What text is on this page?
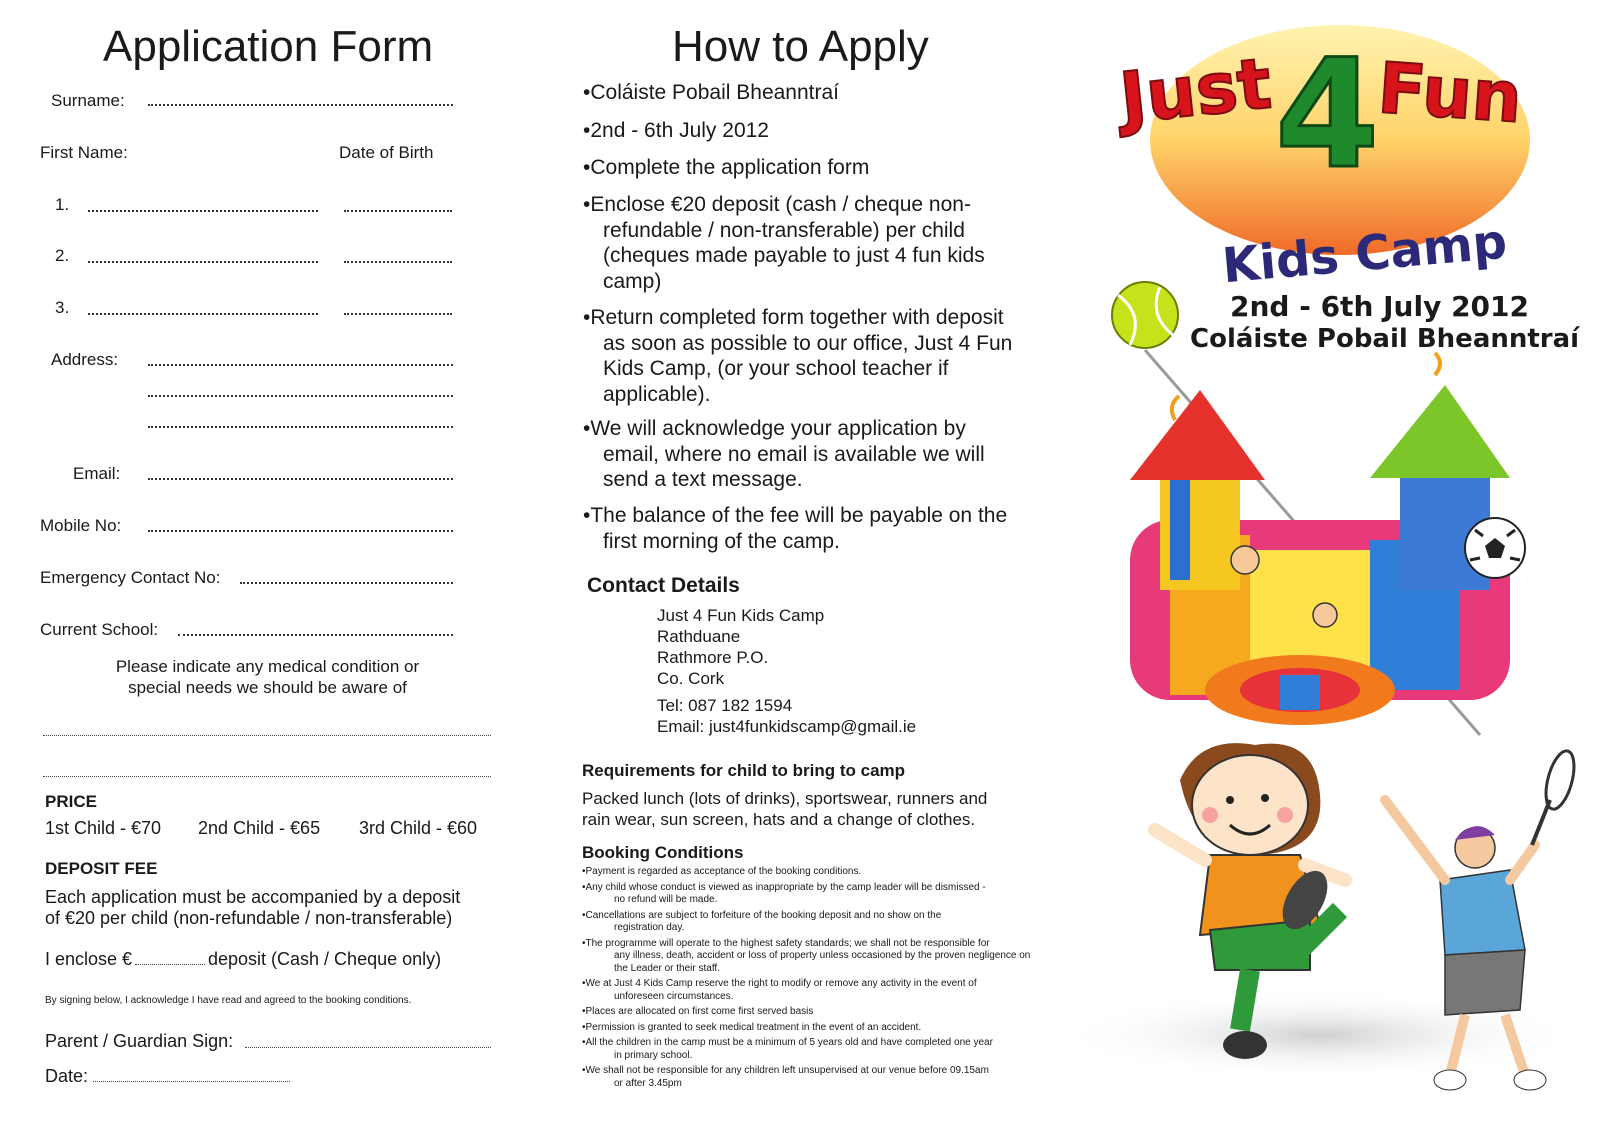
Application Form
Surname:
First Name:	Date of Birth
1.
2.
3.
Address:
Email:
Mobile No:
Emergency Contact No:
Current School:
Please indicate any medical condition or
special needs we should be aware of
PRICE
1st Child - €70 2nd Child - €65 3rd Child - €60
DEPOSIT FEE
Each application must be accompanied by a deposit
of €20 per child (non-refundable / non-transferable)
I enclose €	deposit (Cash / Cheque only)
By signing below, I acknowledge I have read and agreed to the booking conditions.
Parent / Guardian Sign:
Date:
How to Apply
•Coláiste Pobail Bheanntraí
•2nd - 6th July 2012
•Complete the application form
•Enclose €20 deposit (cash / cheque non-
refundable / non-transferable) per child (cheques made payable to just 4 fun kids camp)
•Return completed form together with deposit
as soon as possible to our office, Just 4 Fun Kids Camp, (or your school teacher if applicable).
•We will acknowledge your application by
email, where no email is available we will send a text message.
•The balance of the fee will be payable on the
first morning of the camp.
Contact Details
Just 4 Fun Kids Camp
Rathduane
Rathmore P.O.
Co. Cork
Tel: 087 182 1594
Email: just4funkidscamp@gmail.ie
Requirements for child to bring to camp
Packed lunch (lots of drinks), sportswear, runners and
rain wear, sun screen, hats and a change of clothes.
Booking Conditions
•Payment is regarded as acceptance of the booking conditions.
•Any child whose conduct is viewed as inappropriate by the camp leader will be dismissed -
no refund will be made.
•Cancellations are subject to forfeiture of the booking deposit and no show on the
registration day.
•The programme will operate to the highest safety standards; we shall not be responsible for
any illness, death, accident or loss of property unless occasioned by the proven negligence on the Leader or their staff.
•We at Just 4 Kids Camp reserve the right to modify or remove any activity in the event of
unforeseen circumstances.
•Places are allocated on first come first served basis
•Permission is granted to seek medical treatment in the event of an accident.
•All the children in the camp must be a minimum of 5 years old and have completed one year
in primary school.
•We shall not be responsible for any children left unsupervised at our venue before 09.15am
or after 3.45pm
Just 4
Fun
Kids Camp
2nd - 6th July 2012
Coláiste Pobail Bheanntraí
